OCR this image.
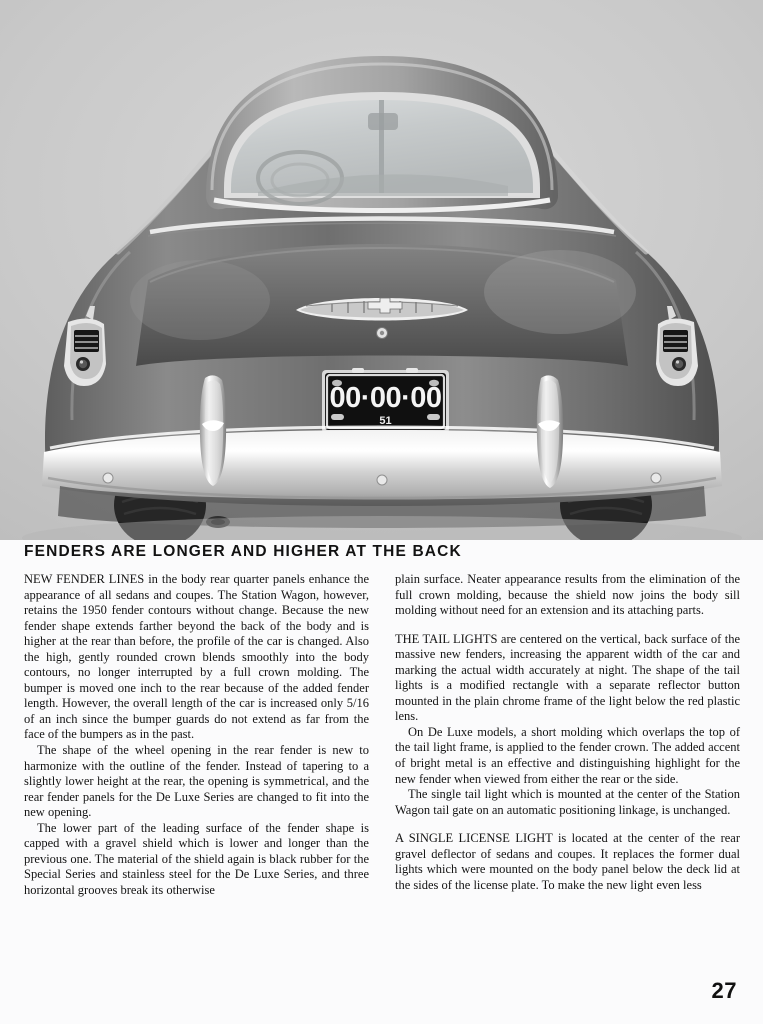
00·00·00
51
FENDERS ARE LONGER AND HIGHER AT THE BACK

NEW FENDER LINES in the body rear quarter panels enhance the appearance of all sedans and coupes. The Station Wagon, however, retains the 1950 fender contours without change. Because the new fender shape extends farther beyond the back of the body and is higher at the rear than before, the profile of the car is changed. Also the high, gently rounded crown blends smoothly into the body contours, no longer interrupted by a full crown molding. The bumper is moved one inch to the rear because of the added fender length. However, the overall length of the car is increased only 5/16 of an inch since the bumper guards do not extend as far from the face of the bumpers as in the past.

The shape of the wheel opening in the rear fender is new to harmonize with the outline of the fender. Instead of tapering to a slightly lower height at the rear, the opening is symmetrical, and the rear fender panels for the De Luxe Series are changed to fit into the new opening.

The lower part of the leading surface of the fender shape is capped with a gravel shield which is lower and longer than the previous one. The material of the shield again is black rubber for the Special Series and stainless steel for the De Luxe Series, and three horizontal grooves break its otherwise

plain surface. Neater appearance results from the elimination of the full crown molding, because the shield now joins the body sill molding without need for an extension and its attaching parts.

THE TAIL LIGHTS are centered on the vertical, back surface of the massive new fenders, increasing the apparent width of the car and marking the actual width accurately at night. The shape of the tail lights is a modified rectangle with a separate reflector button mounted in the plain chrome frame of the light below the red plastic lens.

On De Luxe models, a short molding which overlaps the top of the tail light frame, is applied to the fender crown. The added accent of bright metal is an effective and distinguishing highlight for the new fender when viewed from either the rear or the side.

The single tail light which is mounted at the center of the Station Wagon tail gate on an automatic positioning linkage, is unchanged.

A SINGLE LICENSE LIGHT is located at the center of the rear gravel deflector of sedans and coupes. It replaces the former dual lights which were mounted on the body panel below the deck lid at the sides of the license plate. To make the new light even less

27
